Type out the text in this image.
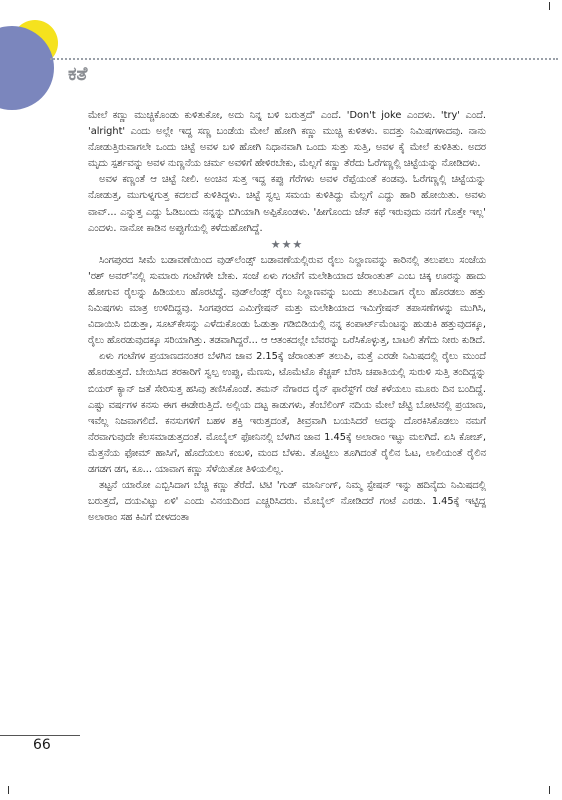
ಕತೆ

ಮೇಲೆ ಕಣ್ಣು ಮುಚ್ಚಿಕೊಂಡು ಕುಳಿತುಕೋ, ಅದು ನಿನ್ನ ಬಳಿ ಬರುತ್ತದೆ' ಎಂದೆ. 'Don't joke ಎಂದಳು. 'try' ಎಂದೆ. 'alright' ಎಂದು ಅಲ್ಲೇ ಇದ್ದ ಸಣ್ಣ ಬಂಡೆಯ ಮೇಲೆ ಹೋಗಿ ಕಣ್ಣು ಮುಚ್ಚಿ ಕುಳಿತಳು. ಐದತ್ತು ನಿಮಿಷಗಳಾದವು. ನಾನು ನೋಡುತ್ತಿರುವಾಗಲೇ ಒಂದು ಚಿಟ್ಟೆ ಅವಳ ಬಳಿ ಹೋಗಿ ನಿಧಾನವಾಗಿ ಒಂದು ಸುತ್ತು ಸುತ್ತಿ, ಅವಳ ಕೈ ಮೇಲೆ ಕುಳಿತಿತು. ಅದರ ಮೃದು ಸ್ಪರ್ಶವನ್ನು ಅವಳ ನುಣ್ಣನೆಯ ಚರ್ಮ ಅವಳಿಗೆ ಹೇಳಿರಬೇಕು, ಮೆಲ್ಲಗೆ ಕಣ್ಣು ತೆರೆದು ಓರೆಗಣ್ಣಲ್ಲಿ ಚಿಟ್ಟೆಯನ್ನು ನೋಡಿದಳು.

ಅವಳ ಕಣ್ಣಂತೆ ಆ ಚಿಟ್ಟೆ ನೀಲಿ. ಅಂಚಿನ ಸುತ್ತ ಇದ್ದ ಕಪ್ಪು ಗೆರೆಗಳು ಅವಳ ರೆಪ್ಪೆಯಂತೆ ಕಂಡವು. ಓರೆಗಣ್ಣಲ್ಲಿ ಚಿಟ್ಟೆಯನ್ನು ನೋಡುತ್ತ, ಮುಗುಳ್ನಗುತ್ತ ಕದಲದೆ ಕುಳಿತಿದ್ದಳು. ಚಿಟ್ಟೆ ಸ್ವಲ್ಪ ಸಮಯ ಕುಳಿತಿದ್ದು ಮೆಲ್ಲಗೆ ಎದ್ದು ಹಾರಿ ಹೋಯಿತು. ಅವಳು ವಾವ್... ಎನ್ನುತ್ತ ಎದ್ದು ಓಡಿಬಂದು ನನ್ನನ್ನು ಬಿಗಿಯಾಗಿ ಅಪ್ಪಿಕೊಂಡಳು. 'ಹೀಗೊಂದು ಜೆನ್ ಕಥೆ ಇರುವುದು ನನಗೆ ಗೊತ್ತೇ ಇಲ್ಲ' ಎಂದಳು. ನಾನೋ ಕಾಡಿನ ಅಪ್ಪುಗೆಯಲ್ಲಿ ಕಳೆದುಹೋಗಿದ್ದೆ.

★★★

ಸಿಂಗಪುರದ ಸೀಮೆ ಬಡಾವಣೆಯಿಂದ ವುಡ್‌ಲೆಂಡ್ಸ್ ಬಡಾವಣೆಯಲ್ಲಿರುವ ರೈಲು ನಿಲ್ದಾಣವನ್ನು ಕಾರಿನಲ್ಲಿ ತಲುಪಲು ಸಂಜೆಯ 'ರಶ್ ಅವರ್'ನಲ್ಲಿ ಸುಮಾರು ಗಂಟೆಗಳೇ ಬೇಕು. ಸಂಜೆ ಏಳು ಗಂಟೆಗೆ ಮಲೇಶಿಯಾದ ಜೆರಾಂತುತ್ ಎಂಬ ಚಿಕ್ಕ ಊರನ್ನು ಹಾದು ಹೋಗುವ ರೈಲನ್ನು ಹಿಡಿಯಲು ಹೊರಟಿದ್ದೆ. ವುಡ್‌ಲೆಂಡ್ಸ್ ರೈಲು ನಿಲ್ದಾಣವನ್ನು ಬಂದು ತಲುಪಿದಾಗ ರೈಲು ಹೊರಡಲು ಹತ್ತು ನಿಮಿಷಗಳು ಮಾತ್ರ ಉಳಿದಿದ್ದವು. ಸಿಂಗಪುರದ ಎಮಿಗ್ರೇಷನ್ ಮತ್ತು ಮಲೇಶಿಯಾದ ಇಮಿಗ್ರೇಷನ್ ತಪಾಸಣೆಗಳನ್ನು ಮುಗಿಸಿ, ವಿದಾಯಿಸಿ ಬಿಡುತ್ತಾ, ಸೂಟ್‌ಕೇಸನ್ನು ಎಳೆದುಕೊಂಡು ಓಡುತ್ತಾ ಗಡಿಬಿಡಿಯಲ್ಲಿ ನನ್ನ ಕಂಪಾರ್ಟ್‌ಮೆಂಟನ್ನು ಹುಡುಕಿ ಹತ್ತುವುದಕ್ಕೂ, ರೈಲು ಹೊರಡುವುದಕ್ಕೂ ಸರಿಯಾಗಿತ್ತು. ತಡವಾಗಿದ್ದರೆ... ಆ ಆತಂಕದಲ್ಲೇ ಬೆವರನ್ನು ಒರೆಸಿಕೊಳ್ಳುತ್ತ, ಬಾಟಲಿ ತೆಗೆದು ನೀರು ಕುಡಿದೆ.

ಏಳು ಗಂಟೆಗಳ ಪ್ರಯಾಣದನಂತರ ಬೆಳಗಿನ ಜಾವ 2.15ಕ್ಕೆ ಜೆರಾಂತುತ್ ತಲುಪಿ, ಮತ್ತೆ ಎರಡೇ ನಿಮಿಷದಲ್ಲಿ ರೈಲು ಮುಂದೆ ಹೊರಡುತ್ತದೆ. ಬೇಯಿಸಿದ ತರಕಾರಿಗೆ ಸ್ವಲ್ಪ ಉಪ್ಪು, ಮೆಣಸು, ಟೊಮೆಟೊ ಕೆಚ್ಚಪ್ ಬೆರಸಿ ಚಪಾತಿಯಲ್ಲಿ ಸುರುಳಿ ಸುತ್ತಿ ತಂದಿದ್ದನ್ನು ಬಿಯರ್ ಕ್ಯಾನ್ ಜತೆ ಸೇರಿಸುತ್ತ ಹಸಿವು ತಣಿಸಿಕೊಂಡೆ. ತಮನ್ ನೆಗಾರದ ರೈನ್ ಫಾರೆಸ್ಟ್‌ಗೆ ರಜೆ ಕಳೆಯಲು ಮೂರು ದಿನ ಬಂದಿದ್ದೆ. ಎಷ್ಟು ವರ್ಷಗಳ ಕನಸು ಈಗ ಈಡೇರುತ್ತಿದೆ. ಅಲ್ಲಿಯ ದಟ್ಟ ಕಾಡುಗಳು, ತೆಂಬೆಲಿಂಗ್ ನದಿಯ ಮೇಲೆ ಜೆಟ್ಟಿ ಬೋಟಿನಲ್ಲಿ ಪ್ರಯಾಣ, ಇವೆಲ್ಲ ನಿಜವಾಗಲಿದೆ. ಕನಸುಗಳಿಗೆ ಬಹಳ ಶಕ್ತಿ ಇರುತ್ತದಂತೆ, ತೀವ್ರವಾಗಿ ಬಯಸಿದರೆ ಅದನ್ನು ದೊರಕಿಸಿಕೊಡಲು ನಮಗೆ ನೆರವಾಗುವುದೇ ಕೆಲಸಮಾಡುತ್ತದಂತೆ. ಮೊಬೈಲ್ ಫೋನಿನಲ್ಲಿ ಬೆಳಗಿನ ಜಾವ 1.45ಕ್ಕೆ ಅಲಾರಾಂ ಇಟ್ಟು ಮಲಗಿದೆ. ಏಸಿ ಕೋಚ್, ಮೆತ್ತನೆಯ ಫೋಮ್ ಹಾಸಿಗೆ, ಹೊದೆಯಲು ಕಂಬಳಿ, ಮಂದ ಬೆಳಕು. ತೊಟ್ಟಿಲು ತೂಗಿದಂತೆ ರೈಲಿನ ಓಟ, ಲಾಲಿಯಂತೆ ರೈಲಿನ ಡಗಡಗ ಡಗ, ಕೂ... ಯಾವಾಗ ಕಣ್ಣು ಸೆಳೆಯಿತೋ ತಿಳಿಯಲಿಲ್ಲ.

ತಟ್ಟನೆ ಯಾರೋ ಎಬ್ಬಿಸಿದಾಗ ಬೆಚ್ಚಿ ಕಣ್ಣು ತೆರೆದೆ. ಟಿಟಿ 'ಗುಡ್ ಮಾರ್ನಿಂಗ್, ನಿಮ್ಮ ಸ್ಟೇಷನ್ ಇನ್ನು ಹದಿನೈದು ನಿಮಿಷದಲ್ಲಿ ಬರುತ್ತದೆ, ದಯವಿಟ್ಟು ಏಳಿ' ಎಂದು ವಿನಯದಿಂದ ಎಚ್ಚರಿಸಿದರು. ಮೊಬೈಲ್ ನೋಡಿದರೆ ಗಂಟೆ ಎರಡು. 1.45ಕ್ಕೆ ಇಟ್ಟಿದ್ದ ಅಲಾರಾಂ ಸಹ ಕಿವಿಗೆ ಬೀಳದಂತಾ

66
